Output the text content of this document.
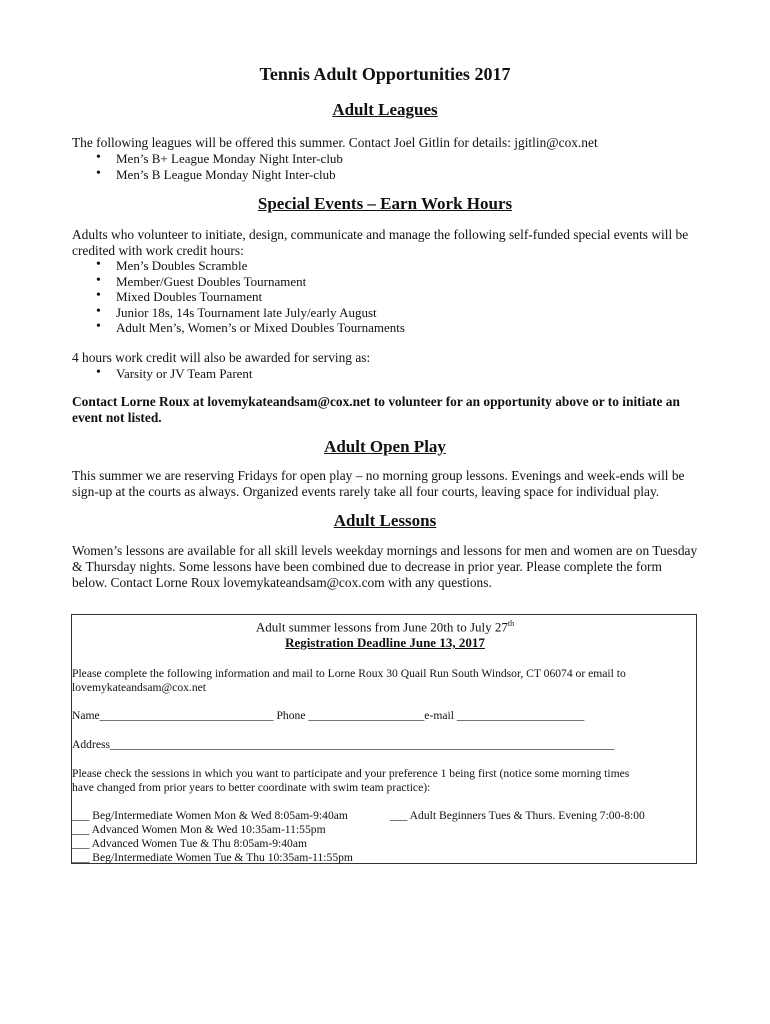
Tennis Adult Opportunities 2017
Adult Leagues

The following leagues will be offered this summer. Contact Joel Gitlin for details: jgitlin@cox.net

• Men’s B+ League Monday Night Inter-club
• Men’s B League Monday Night Inter-club
Special Events – Earn Work Hours

Adults who volunteer to initiate, design, communicate and manage the following self-funded special events will be credited with work credit hours:

• Men’s Doubles Scramble
• Member/Guest Doubles Tournament
• Mixed Doubles Tournament
• Junior 18s, 14s Tournament late July/early August
• Adult Men’s, Women’s or Mixed Doubles Tournaments

4 hours work credit will also be awarded for serving as:

• Varsity or JV Team Parent

Contact Lorne Roux at lovemykateandsam@cox.net to volunteer for an opportunity above or to initiate an event not listed.

Adult Open Play

This summer we are reserving Fridays for open play – no morning group lessons. Evenings and week-ends will be sign-up at the courts as always. Organized events rarely take all four courts, leaving space for individual play.

Adult Lessons

Women’s lessons are available for all skill levels weekday mornings and lessons for men and women are on Tuesday & Thursday nights. Some lessons have been combined due to decrease in prior year. Please complete the form below. Contact Lorne Roux lovemykateandsam@cox.com with any questions.

Adult summer lessons from June 20th to July 27th

Registration Deadline June 13, 2017

Please complete the following information and mail to Lorne Roux 30 Quail Run South Windsor, CT 06074 or email to

lovemykateandsam@cox.net

Name______________________________ Phone ____________________e-mail ______________________

Address_______________________________________________________________________________________

Please check the sessions in which you want to participate and your preference 1 being first (notice some morning times

have changed from prior years to better coordinate with swim team practice):

___ Beg/Intermediate Women Mon & Wed 8:05am-9:40am

___ Advanced Women Mon & Wed 10:35am-11:55pm

___ Advanced Women Tue & Thu 8:05am-9:40am

___ Beg/Intermediate Women Tue & Thu 10:35am-11:55pm

___ Adult Beginners Tues & Thurs. Evening 7:00-8:00
